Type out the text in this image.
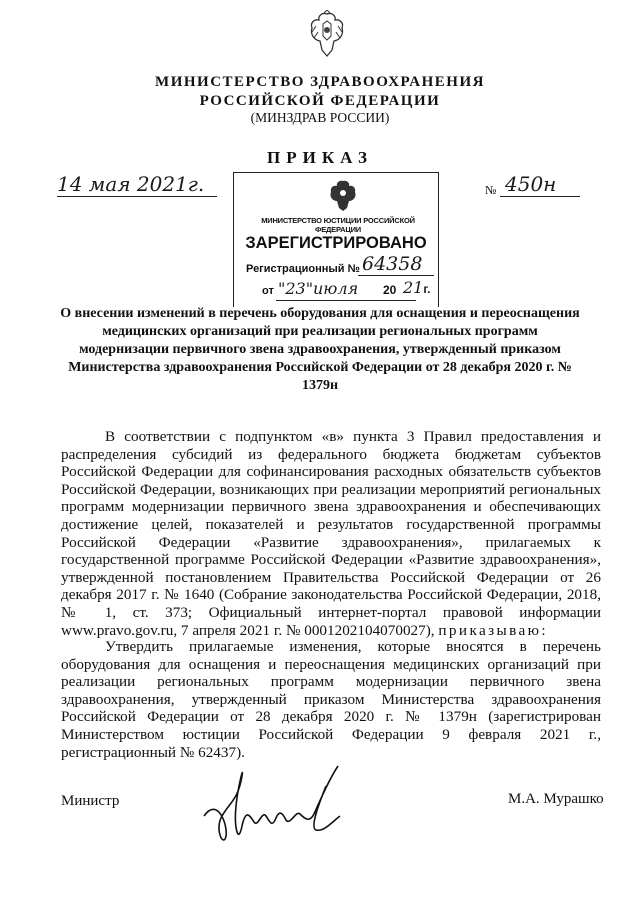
МИНИСТЕРСТВО ЗДРАВООХРАНЕНИЯ
РОССИЙСКОЙ ФЕДЕРАЦИИ
(МИНЗДРАВ РОССИИ)
ПРИКАЗ
14 мая 2021г.	№ 450н
МИНИСТЕРСТВО ЮСТИЦИИ РОССИЙСКОЙ ФЕДЕРАЦИИ
ЗАРЕГИСТРИРОВАНО
Регистрационный № 64358
от "23" июля 20 21г.
О внесении изменений в перечень оборудования для оснащения и переоснащения медицинских организаций при реализации региональных программ модернизации первичного звена здравоохранения, утвержденный приказом Министерства здравоохранения Российской Федерации от 28 декабря 2020 г. № 1379н
В соответствии с подпунктом «в» пункта 3 Правил предоставления и распределения субсидий из федерального бюджета бюджетам субъектов Российской Федерации для софинансирования расходных обязательств субъектов Российской Федерации, возникающих при реализации мероприятий региональных программ модернизации первичного звена здравоохранения и обеспечивающих достижение целей, показателей и результатов государственной программы Российской Федерации «Развитие здравоохранения», прилагаемых к государственной программе Российской Федерации «Развитие здравоохранения», утвержденной постановлением Правительства Российской Федерации от 26 декабря 2017 г. № 1640 (Собрание законодательства Российской Федерации, 2018, № 1, ст. 373; Официальный интернет-портал правовой информации www.pravo.gov.ru, 7 апреля 2021 г. № 0001202104070027), приказываю:
Утвердить прилагаемые изменения, которые вносятся в перечень оборудования для оснащения и переоснащения медицинских организаций при реализации региональных программ модернизации первичного звена здравоохранения, утвержденный приказом Министерства здравоохранения Российской Федерации от 28 декабря 2020 г. № 1379н (зарегистрирован Министерством юстиции Российской Федерации 9 февраля 2021 г., регистрационный № 62437).
Министр	М.А. Мурашко
